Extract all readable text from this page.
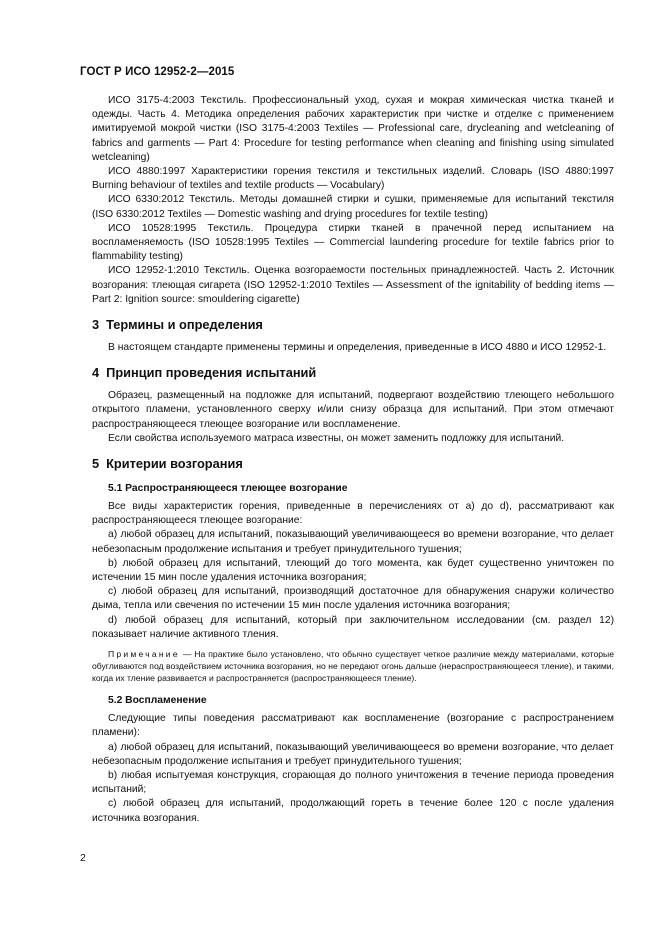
ГОСТ Р ИСО 12952-2—2015

ИСО 3175-4:2003 Текстиль. Профессиональный уход, сухая и мокрая химическая чистка тканей и одежды. Часть 4. Методика определения рабочих характеристик при чистке и отделке с применением имитируемой мокрой чистки (ISO 3175-4:2003 Textiles — Professional care, drycleaning and wetcleaning of fabrics and garments — Part 4: Procedure for testing performance when cleaning and finishing using simulated wetcleaning)

ИСО 4880:1997 Характеристики горения текстиля и текстильных изделий. Словарь (ISO 4880:1997 Burning behaviour of textiles and textile products — Vocabulary)

ИСО 6330:2012 Текстиль. Методы домашней стирки и сушки, применяемые для испытаний текстиля (ISO 6330:2012 Textiles — Domestic washing and drying procedures for textile testing)

ИСО 10528:1995 Текстиль. Процедура стирки тканей в прачечной перед испытанием на воспламеняемость (ISO 10528:1995 Textiles — Commercial laundering procedure for textile fabrics prior to flammability testing)

ИСО 12952-1:2010 Текстиль. Оценка возгораемости постельных принадлежностей. Часть 2. Источник возгорания: тлеющая сигарета (ISO 12952-1:2010 Textiles — Assessment of the ignitability of bedding items — Part 2: Ignition source: smouldering cigarette)

3 Термины и определения

В настоящем стандарте применены термины и определения, приведенные в ИСО 4880 и ИСО 12952-1.

4 Принцип проведения испытаний

Образец, размещенный на подложке для испытаний, подвергают воздействию тлеющего небольшого открытого пламени, установленного сверху и/или снизу образца для испытаний. При этом отмечают распространяющееся тлеющее возгорание или воспламенение.

Если свойства используемого матраса известны, он может заменить подложку для испытаний.

5 Критерии возгорания
5.1 Распространяющееся тлеющее возгорание

Все виды характеристик горения, приведенные в перечислениях от а) до d), рассматривают как распространяющееся тлеющее возгорание:

а) любой образец для испытаний, показывающий увеличивающееся во времени возгорание, что делает небезопасным продолжение испытания и требует принудительного тушения;

b) любой образец для испытаний, тлеющий до того момента, как будет существенно уничтожен по истечении 15 мин после удаления источника возгорания;

с) любой образец для испытаний, производящий достаточное для обнаружения снаружи количество дыма, тепла или свечения по истечении 15 мин после удаления источника возгорания;

d) любой образец для испытаний, который при заключительном исследовании (см. раздел 12) показывает наличие активного тления.

Примечание — На практике было установлено, что обычно существует четкое различие между материалами, которые обугливаются под воздействием источника возгорания, но не передают огонь дальше (нераспространяющееся тление), и такими, когда их тление развивается и распространяется (распространяющееся тление).
5.2 Воспламенение

Следующие типы поведения рассматривают как воспламенение (возгорание с распространением пламени):

а) любой образец для испытаний, показывающий увеличивающееся во времени возгорание, что делает небезопасным продолжение испытания и требует принудительного тушения;

b) любая испытуемая конструкция, сгорающая до полного уничтожения в течение периода проведения испытаний;

с) любой образец для испытаний, продолжающий гореть в течение более 120 с после удаления источника возгорания.

2
